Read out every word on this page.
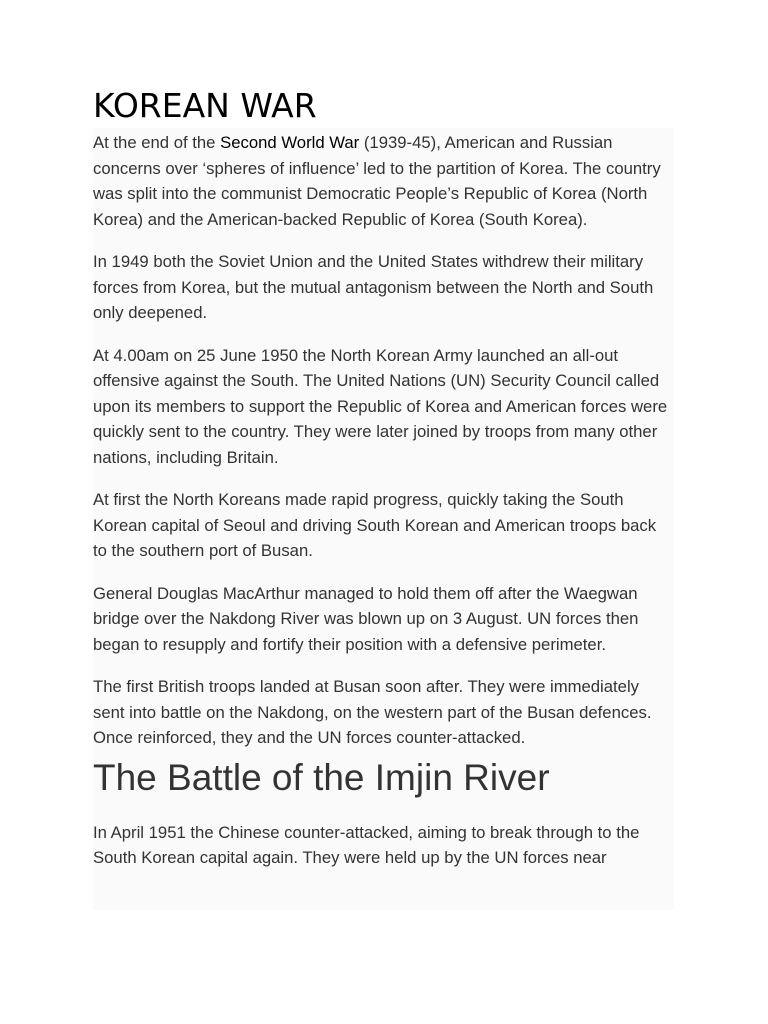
KOREAN WAR

At the end of the Second World War (1939-45), American and Russian concerns over ‘spheres of influence’ led to the partition of Korea. The country was split into the communist Democratic People’s Republic of Korea (North Korea) and the American-backed Republic of Korea (South Korea).

In 1949 both the Soviet Union and the United States withdrew their military forces from Korea, but the mutual antagonism between the North and South only deepened.

At 4.00am on 25 June 1950 the North Korean Army launched an all-out offensive against the South. The United Nations (UN) Security Council called upon its members to support the Republic of Korea and American forces were quickly sent to the country. They were later joined by troops from many other nations, including Britain.

At first the North Koreans made rapid progress, quickly taking the South Korean capital of Seoul and driving South Korean and American troops back to the southern port of Busan.

General Douglas MacArthur managed to hold them off after the Waegwan bridge over the Nakdong River was blown up on 3 August. UN forces then began to resupply and fortify their position with a defensive perimeter.

The first British troops landed at Busan soon after. They were immediately sent into battle on the Nakdong, on the western part of the Busan defences. Once reinforced, they and the UN forces counter-attacked.

The Battle of the Imjin River

In April 1951 the Chinese counter-attacked, aiming to break through to the South Korean capital again. They were held up by the UN forces near
